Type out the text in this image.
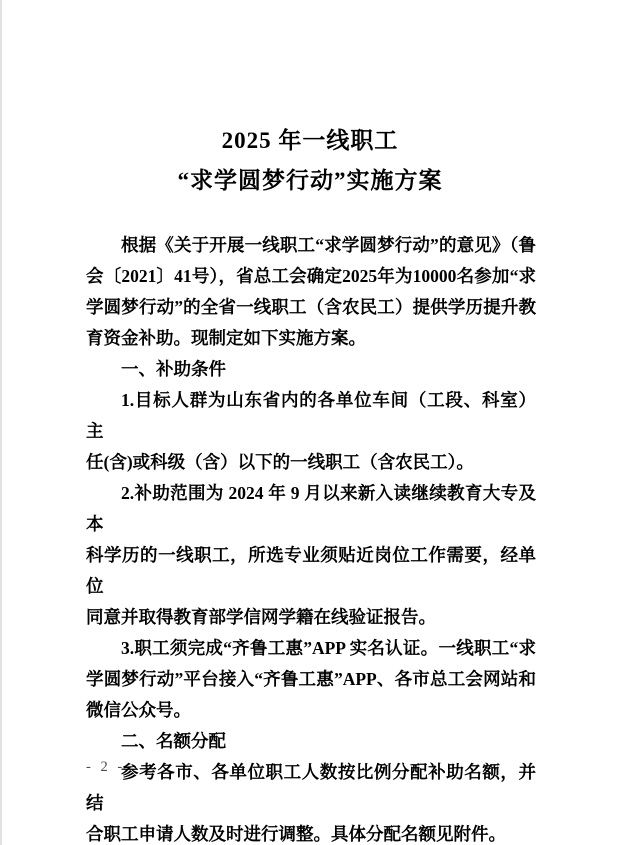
2025 年一线职工
“求学圆梦行动”实施方案
根据《关于开展一线职工“求学圆梦行动”的意见》（鲁
会〔2021〕41号），省总工会确定2025年为10000名参加“求
学圆梦行动”的全省一线职工（含农民工）提供学历提升教
育资金补助。现制定如下实施方案。
一、补助条件
1.目标人群为山东省内的各单位车间（工段、科室）主
任(含)或科级（含）以下的一线职工（含农民工）。
2.补助范围为 2024 年 9 月以来新入读继续教育大专及本
科学历的一线职工，所选专业须贴近岗位工作需要，经单位
同意并取得教育部学信网学籍在线验证报告。
3.职工须完成“齐鲁工惠”APP 实名认证。一线职工“求
学圆梦行动”平台接入“齐鲁工惠”APP、各市总工会网站和
微信公众号。
二、名额分配
参考各市、各单位职工人数按比例分配补助名额，并结
合职工申请人数及时进行调整。具体分配名额见附件。
- 2 -
